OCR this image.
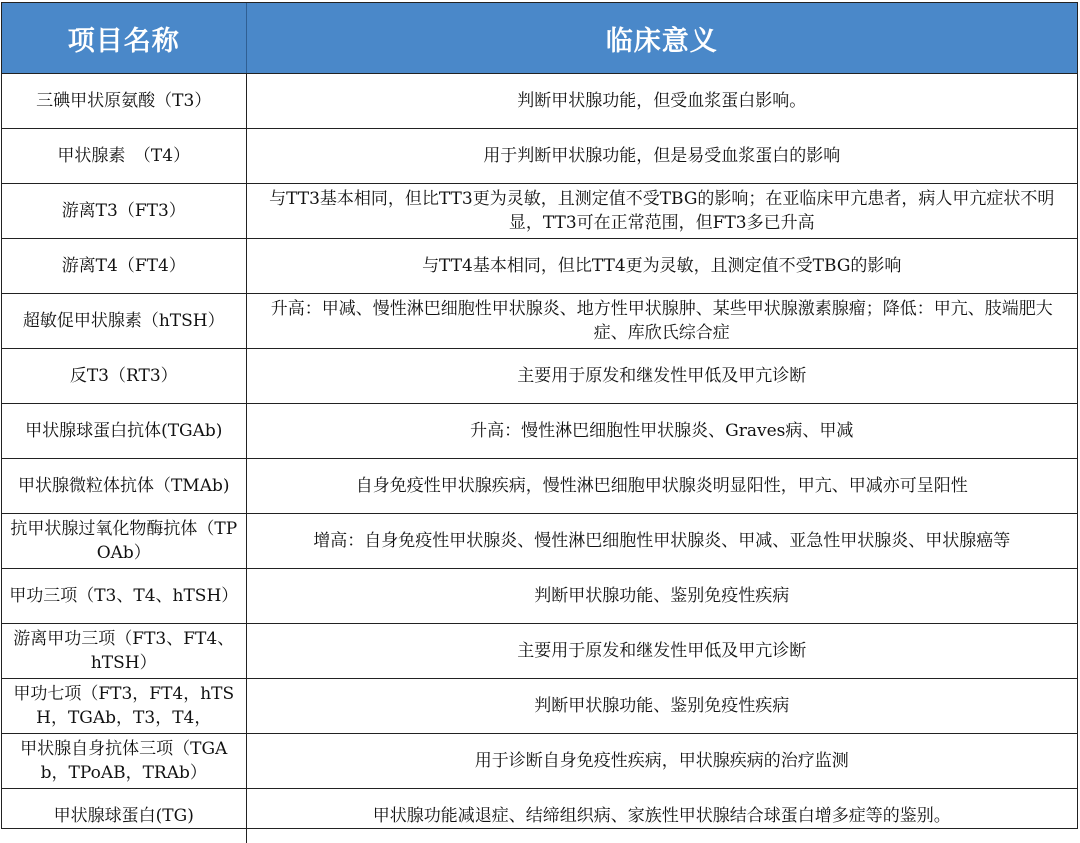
项目名称	临床意义
三碘甲状原氨酸（T3）	判断甲状腺功能，但受血浆蛋白影响。
甲状腺素　（T4）	用于判断甲状腺功能，但是易受血浆蛋白的影响
游离T3（FT3）	与TT3基本相同，但比TT3更为灵敏，且测定值不受TBG的影响；在亚临床甲亢患者，病人甲亢症状不明显，TT3可在正常范围，但FT3多已升高
游离T4（FT4）	与TT4基本相同，但比TT4更为灵敏，且测定值不受TBG的影响
超敏促甲状腺素（hTSH）	升高：甲减、慢性淋巴细胞性甲状腺炎、地方性甲状腺肿、某些甲状腺激素腺瘤；降低：甲亢、肢端肥大症、库欣氏综合症
反T3（RT3）	主要用于原发和继发性甲低及甲亢诊断
甲状腺球蛋白抗体(TGAb)	升高：慢性淋巴细胞性甲状腺炎、Graves病、甲减
甲状腺微粒体抗体（TMAb)	自身免疫性甲状腺疾病，慢性淋巴细胞甲状腺炎明显阳性，甲亢、甲减亦可呈阳性
抗甲状腺过氧化物酶抗体（TPOAb）	增高：自身免疫性甲状腺炎、慢性淋巴细胞性甲状腺炎、甲减、亚急性甲状腺炎、甲状腺癌等
甲功三项（T3、T4、hTSH）	判断甲状腺功能、鉴别免疫性疾病
游离甲功三项（FT3、FT4、hTSH）	主要用于原发和继发性甲低及甲亢诊断
甲功七项（FT3，FT4，hTSH，TGAb，T3，T4，	判断甲状腺功能、鉴别免疫性疾病
甲状腺自身抗体三项（TGAb，TPoAB，TRAb）	用于诊断自身免疫性疾病，甲状腺疾病的治疗监测
甲状腺球蛋白(TG)	甲状腺功能减退症、结缔组织病、家族性甲状腺结合球蛋白增多症等的鉴别。
